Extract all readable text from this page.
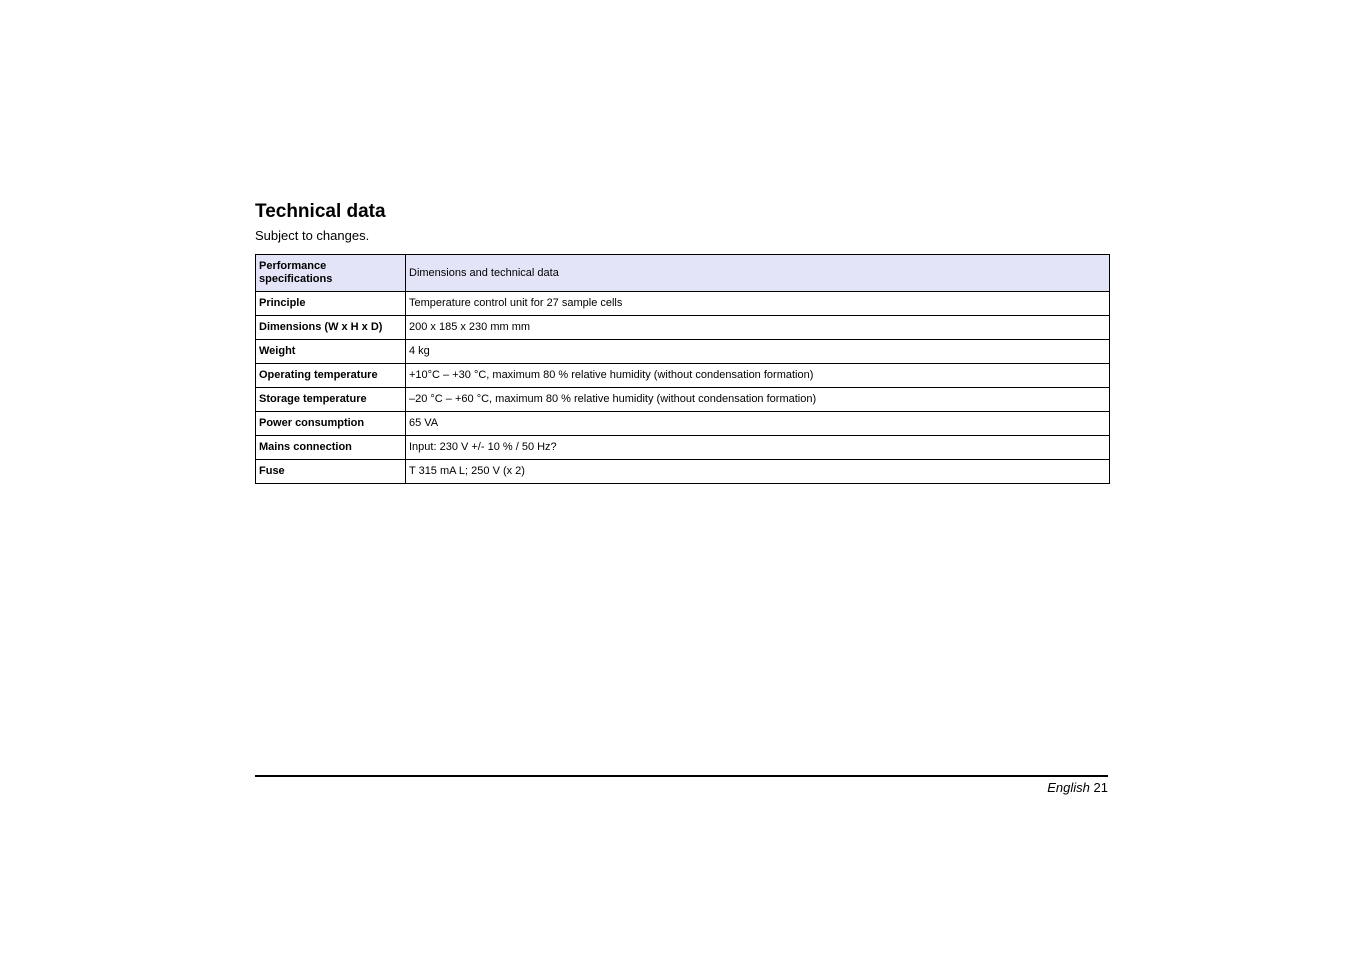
Technical data

Subject to changes.

Performance specifications	Dimensions and technical data
Principle	Temperature control unit for 27 sample cells
Dimensions (W x H x D)	200 x 185 x 230 mm mm
Weight	4 kg
Operating temperature	+10°C – +30 °C, maximum 80 % relative humidity (without condensation formation)
Storage temperature	–20 °C – +60 °C, maximum 80 % relative humidity (without condensation formation)
Power consumption	65 VA
Mains connection	Input: 230 V +/- 10 % / 50 Hz?
Fuse	T 315 mA L; 250 V (x 2)
English 21
